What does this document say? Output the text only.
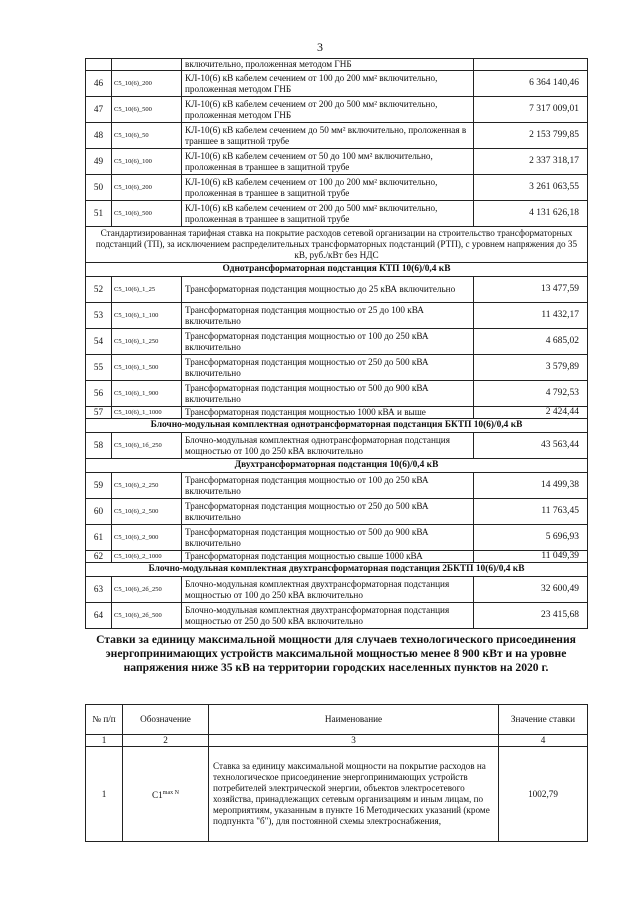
3
		включительно, проложенная методом ГНБ	
46	C5_10(6)_200	КЛ-10(6) кВ кабелем сечением от 100 до 200 мм² включительно, проложенная методом ГНБ	6 364 140,46
47	C5_10(6)_500	КЛ-10(6) кВ кабелем сечением от 200 до 500 мм² включительно, проложенная методом ГНБ	7 317 009,01
48	C5_10(6)_50	КЛ-10(6) кВ кабелем сечением до 50 мм² включительно, проложенная в траншее в защитной трубе	2 153 799,85
49	C5_10(6)_100	КЛ-10(6) кВ кабелем сечением от 50 до 100 мм² включительно, проложенная в траншее в защитной трубе	2 337 318,17
50	C5_10(6)_200	КЛ-10(6) кВ кабелем сечением от 100 до 200 мм² включительно, проложенная в траншее в защитной трубе	3 261 063,55
51	C5_10(6)_500	КЛ-10(6) кВ кабелем сечением от 200 до 500 мм² включительно, проложенная в траншее в защитной трубе	4 131 626,18
Стандартизированная тарифная ставка на покрытие расходов сетевой организации на строительство трансформаторных подстанций (ТП), за исключением распределительных трансформаторных подстанций (РТП), с уровнем напряжения до 35 кВ, руб./кВт без НДС			
Однотрансформаторная подстанция КТП 10(6)/0,4 кВ			
52	C5_10(6)_1_25	Трансформаторная подстанция мощностью до 25 кВА включительно	13 477,59
53	C5_10(6)_1_100	Трансформаторная подстанция мощностью от 25 до 100 кВА включительно	11 432,17
54	C5_10(6)_1_250	Трансформаторная подстанция мощностью от 100 до 250 кВА включительно	4 685,02
55	C5_10(6)_1_500	Трансформаторная подстанция мощностью от 250 до 500 кВА включительно	3 579,89
56	C5_10(6)_1_900	Трансформаторная подстанция мощностью от 500 до 900 кВА включительно	4 792,53
57	C5_10(6)_1_1000	Трансформаторная подстанция мощностью 1000 кВА и выше	2 424,44
Блочно-модульная комплектная однотрансформаторная подстанция БКТП 10(6)/0,4 кВ			
58	C5_10(6)_1б_250	Блочно-модульная комплектная однотрансформаторная подстанция мощностью от 100 до 250 кВА включительно	43 563,44
Двухтрансформаторная подстанция 10(6)/0,4 кВ			
59	C5_10(6)_2_250	Трансформаторная подстанция мощностью от 100 до 250 кВА включительно	14 499,38
60	C5_10(6)_2_500	Трансформаторная подстанция мощностью от 250 до 500 кВА включительно	11 763,45
61	C5_10(6)_2_900	Трансформаторная подстанция мощностью от 500 до 900 кВА включительно	5 696,93
62	C5_10(6)_2_1000	Трансформаторная подстанция мощностью свыше 1000 кВА	11 049,39
Блочно-модульная комплектная двухтрансформаторная подстанция 2БКТП 10(6)/0,4 кВ			
63	C5_10(6)_2б_250	Блочно-модульная комплектная двухтрансформаторная подстанция мощностью от 100 до 250 кВА включительно	32 600,49
64	C5_10(6)_2б_500	Блочно-модульная комплектная двухтрансформаторная подстанция мощностью от 250 до 500 кВА включительно	23 415,68
Ставки за единицу максимальной мощности для случаев технологического присоединения энергопринимающих устройств максимальной мощностью менее 8 900 кВт и на уровне напряжения ниже 35 кВ на территории городских населенных пунктов на 2020 г.
№ п/п	Обозначение	Наименование	Значение ставки
1	2	3	4
1	$C1^{max N}$	Ставка за единицу максимальной мощности на покрытие расходов на технологическое присоединение энергопринимающих устройств потребителей электрической энергии, объектов электросетевого хозяйства, принадлежащих сетевым организациям и иным лицам, по мероприятиям, указанным в пункте 16 Методических указаний (кроме подпункта "б"), для постоянной схемы электроснабжения,	1002,79
